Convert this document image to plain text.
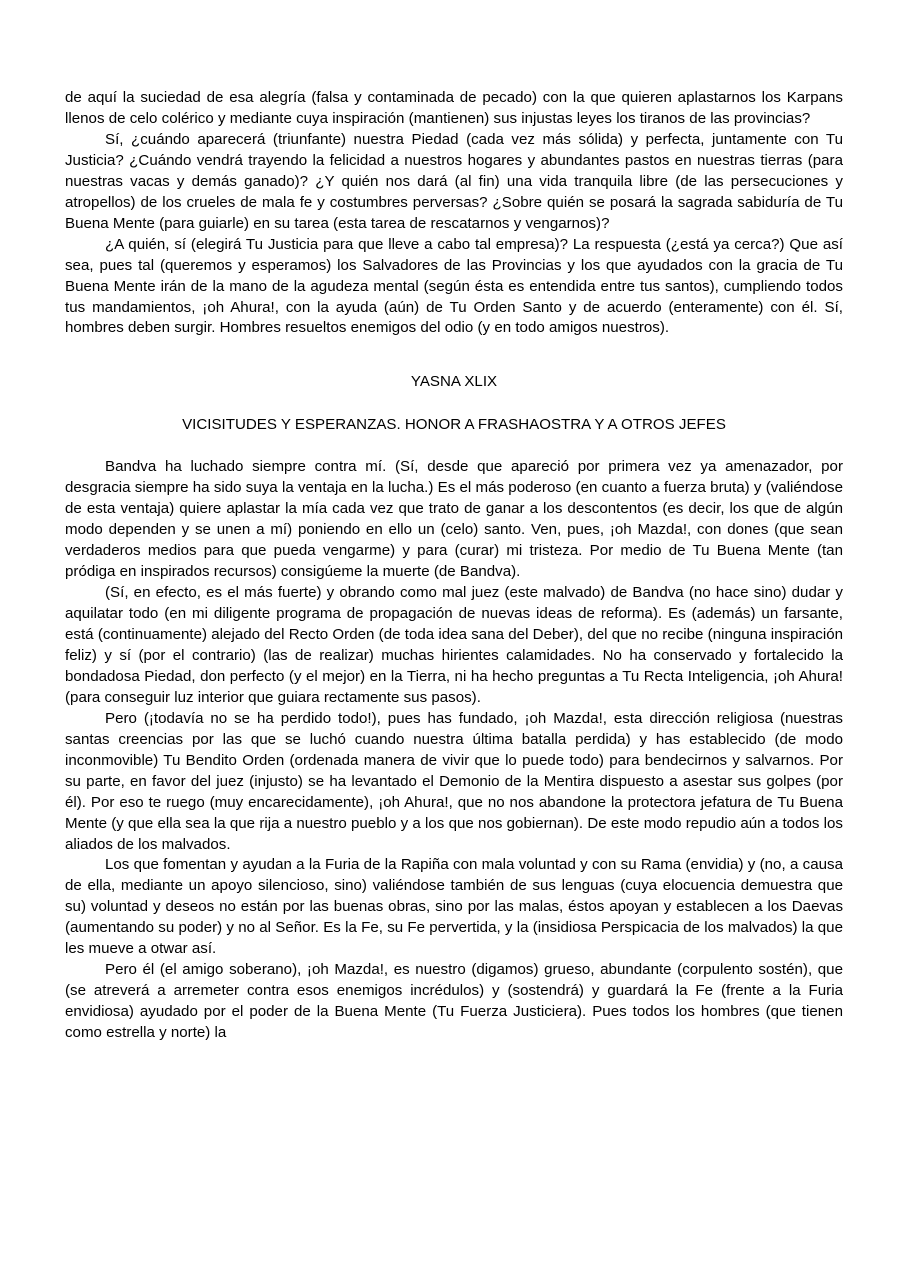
de aquí la suciedad de esa alegría (falsa y contaminada de pecado) con la que quieren aplastarnos los Karpans llenos de celo colérico y mediante cuya inspiración (mantienen) sus injustas leyes los tiranos de las provincias?

Sí, ¿cuándo aparecerá (triunfante) nuestra Piedad (cada vez más sólida) y perfecta, juntamente con Tu Justicia? ¿Cuándo vendrá trayendo la felicidad a nuestros hogares y abundantes pastos en nuestras tierras (para nuestras vacas y demás ganado)? ¿Y quién nos dará (al fin) una vida tranquila libre (de las persecuciones y atropellos) de los crueles de mala fe y costumbres perversas? ¿Sobre quién se posará la sagrada sabiduría de Tu Buena Mente (para guiarle) en su tarea (esta tarea de rescatarnos y vengarnos)?

¿A quién, sí (elegirá Tu Justicia para que lleve a cabo tal empresa)? La respuesta (¿está ya cerca?) Que así sea, pues tal (queremos y esperamos) los Salvadores de las Provincias y los que ayudados con la gracia de Tu Buena Mente irán de la mano de la agudeza mental (según ésta es entendida entre tus santos), cumpliendo todos tus mandamientos, ¡oh Ahura!, con la ayuda (aún) de Tu Orden Santo y de acuerdo (enteramente) con él. Sí, hombres deben surgir. Hombres resueltos enemigos del odio (y en todo amigos nuestros).

YASNA XLIX
VICISITUDES Y ESPERANZAS. HONOR A FRASHAOSTRA Y A OTROS JEFES

Bandva ha luchado siempre contra mí. (Sí, desde que apareció por primera vez ya amenazador, por desgracia siempre ha sido suya la ventaja en la lucha.) Es el más poderoso (en cuanto a fuerza bruta) y (valiéndose de esta ventaja) quiere aplastar la mía cada vez que trato de ganar a los descontentos (es decir, los que de algún modo dependen y se unen a mí) poniendo en ello un (celo) santo. Ven, pues, ¡oh Mazda!, con dones (que sean verdaderos medios para que pueda vengarme) y para (curar) mi tristeza. Por medio de Tu Buena Mente (tan pródiga en inspirados recursos) consigúeme la muerte (de Bandva).

(Sí, en efecto, es el más fuerte) y obrando como mal juez (este malvado) de Bandva (no hace sino) dudar y aquilatar todo (en mi diligente programa de propagación de nuevas ideas de reforma). Es (además) un farsante, está (continuamente) alejado del Recto Orden (de toda idea sana del Deber), del que no recibe (ninguna inspiración feliz) y sí (por el contrario) (las de realizar) muchas hirientes calamidades. No ha conservado y fortalecido la bondadosa Piedad, don perfecto (y el mejor) en la Tierra, ni ha hecho preguntas a Tu Recta Inteligencia, ¡oh Ahura! (para conseguir luz interior que guiara rectamente sus pasos).

Pero (¡todavía no se ha perdido todo!), pues has fundado, ¡oh Mazda!, esta dirección religiosa (nuestras santas creencias por las que se luchó cuando nuestra última batalla perdida) y has establecido (de modo inconmovible) Tu Bendito Orden (ordenada manera de vivir que lo puede todo) para bendecirnos y salvarnos. Por su parte, en favor del juez (injusto) se ha levantado el Demonio de la Mentira dispuesto a asestar sus golpes (por él). Por eso te ruego (muy encarecidamente), ¡oh Ahura!, que no nos abandone la protectora jefatura de Tu Buena Mente (y que ella sea la que rija a nuestro pueblo y a los que nos gobiernan). De este modo repudio aún a todos los aliados de los malvados.

Los que fomentan y ayudan a la Furia de la Rapiña con mala voluntad y con su Rama (envidia) y (no, a causa de ella, mediante un apoyo silencioso, sino) valiéndose también de sus lenguas (cuya elocuencia demuestra que su) voluntad y deseos no están por las buenas obras, sino por las malas, éstos apoyan y establecen a los Daevas (aumentando su poder) y no al Señor. Es la Fe, su Fe pervertida, y la (insidiosa Perspicacia de los malvados) la que les mueve a otwar así.

Pero él (el amigo soberano), ¡oh Mazda!, es nuestro (digamos) grueso, abundante (corpulento sostén), que (se atreverá a arremeter contra esos enemigos incrédulos) y (sostendrá) y guardará la Fe (frente a la Furia envidiosa) ayudado por el poder de la Buena Mente (Tu Fuerza Justiciera). Pues todos los hombres (que tienen como estrella y norte) la
